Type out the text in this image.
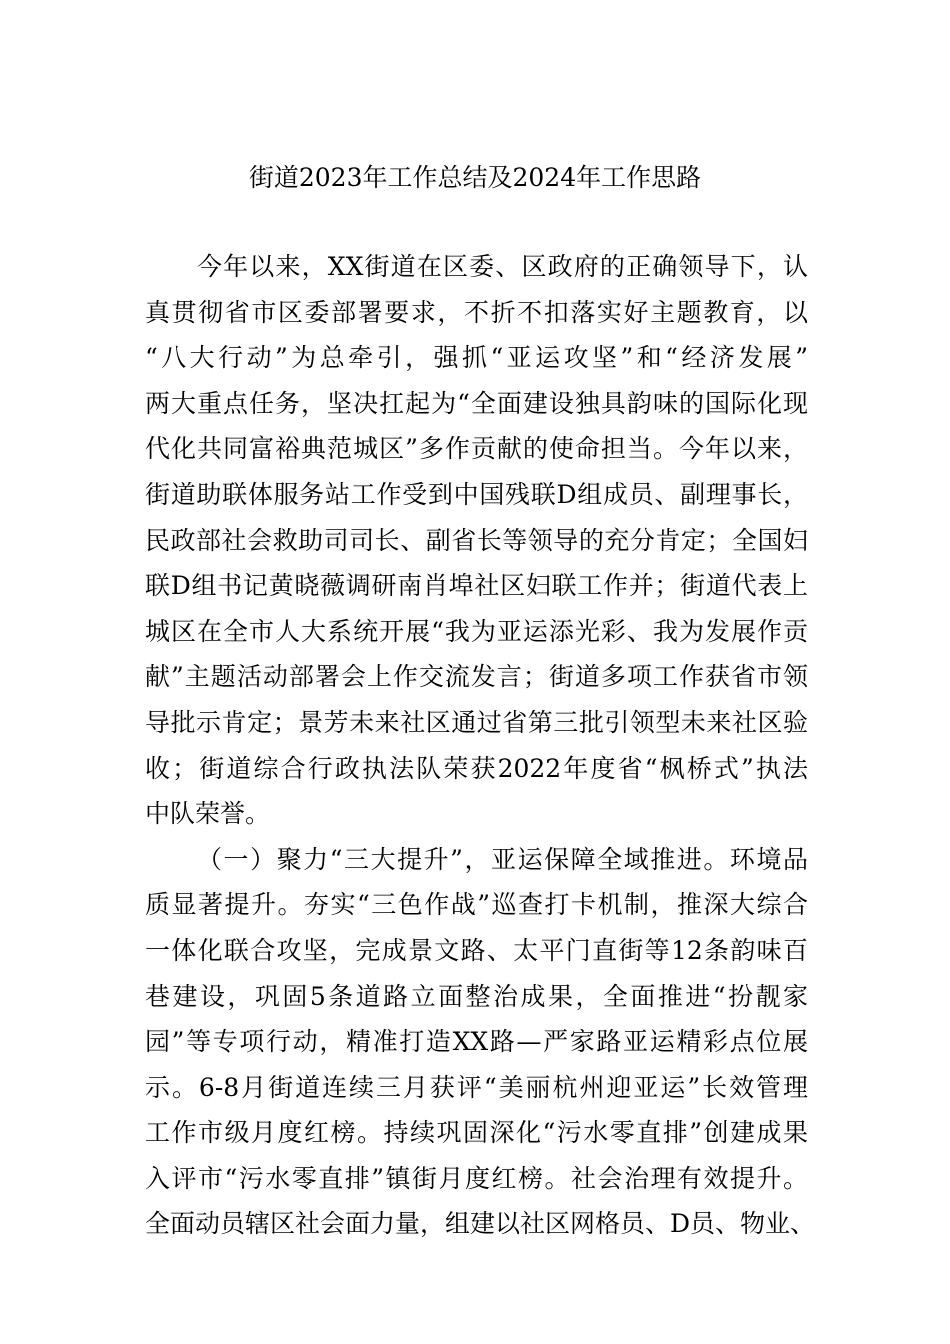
街道2023年工作总结及2024年工作思路
今年以来，XX街道在区委、区政府的正确领导下，认
真贯彻省市区委部署要求，不折不扣落实好主题教育，以
“八大行动”为总牵引，强抓“亚运攻坚”和“经济发展”
两大重点任务，坚决扛起为“全面建设独具韵味的国际化现
代化共同富裕典范城区”多作贡献的使命担当。今年以来，
街道助联体服务站工作受到中国残联D组成员、副理事长，
民政部社会救助司司长、副省长等领导的充分肯定；全国妇
联D组书记黄晓薇调研南肖埠社区妇联工作并；街道代表上
城区在全市人大系统开展“我为亚运添光彩、我为发展作贡
献”主题活动部署会上作交流发言；街道多项工作获省市领
导批示肯定；景芳未来社区通过省第三批引领型未来社区验
收；街道综合行政执法队荣获2022年度省“枫桥式”执法
中队荣誉。
（一）聚力“三大提升”，亚运保障全域推进。环境品
质显著提升。夯实“三色作战”巡查打卡机制，推深大综合
一体化联合攻坚，完成景文路、太平门直街等12条韵味百
巷建设，巩固5条道路立面整治成果，全面推进“扮靓家
园”等专项行动，精准打造XX路—严家路亚运精彩点位展
示。6-8月街道连续三月获评“美丽杭州迎亚运”长效管理
工作市级月度红榜。持续巩固深化“污水零直排”创建成果
入评市“污水零直排”镇街月度红榜。社会治理有效提升。
全面动员辖区社会面力量，组建以社区网格员、D员、物业、
